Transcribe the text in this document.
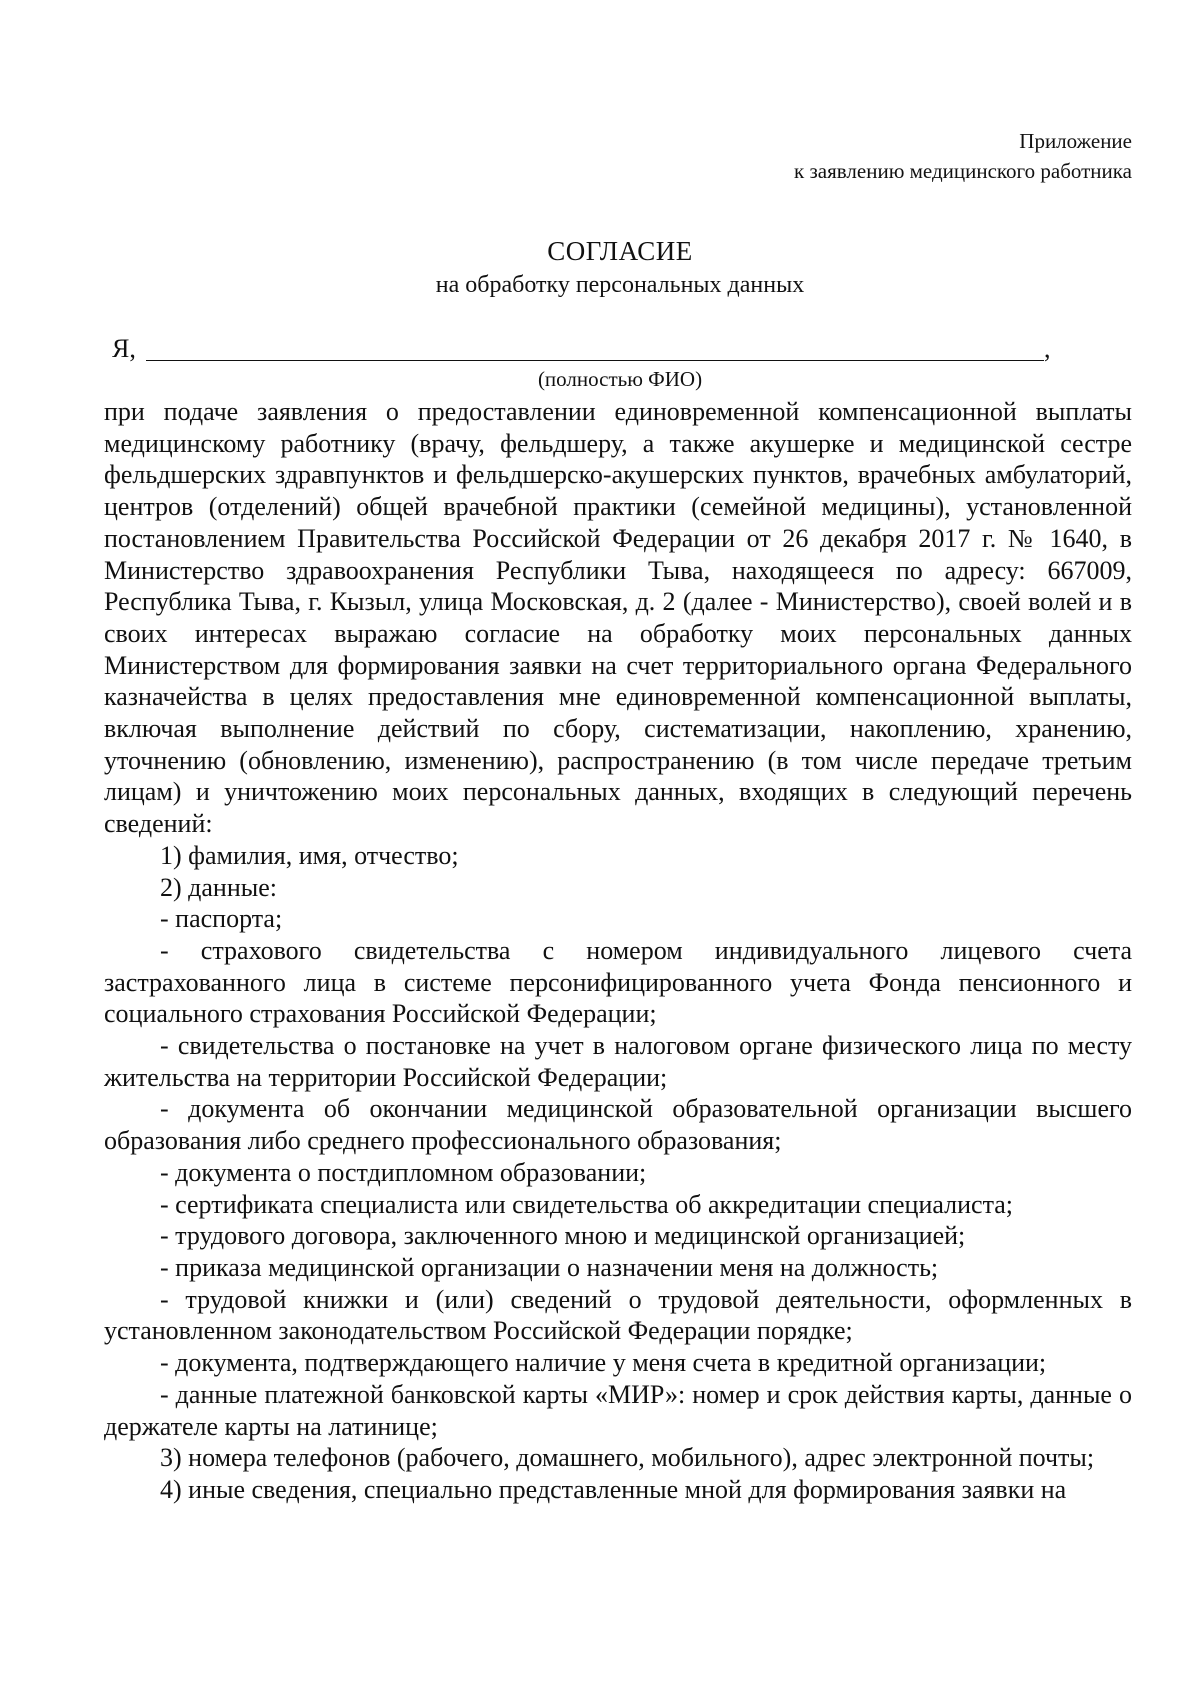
Приложение
к заявлению медицинского работника
СОГЛАСИЕ
на обработку персональных данных
Я,	,
(полностью ФИО)

при подаче заявления о предоставлении единовременной компенсационной выплаты медицинскому работнику (врачу, фельдшеру, а также акушерке и медицинской сестре фельдшерских здравпунктов и фельдшерско-акушерских пунктов, врачебных амбулаторий, центров (отделений) общей врачебной практики (семейной медицины), установленной постановлением Правительства Российской Федерации от 26 декабря 2017 г. № 1640, в Министерство здравоохранения Республики Тыва, находящееся по адресу: 667009, Республика Тыва, г. Кызыл, улица Московская, д. 2 (далее - Министерство), своей волей и в своих интересах выражаю согласие на обработку моих персональных данных Министерством для формирования заявки на счет территориального органа Федерального казначейства в целях предоставления мне единовременной компенсационной выплаты, включая выполнение действий по сбору, систематизации, накоплению, хранению, уточнению (обновлению, изменению), распространению (в том числе передаче третьим лицам) и уничтожению моих персональных данных, входящих в следующий перечень сведений:

1) фамилия, имя, отчество;

2) данные:

- паспорта;

- страхового свидетельства с номером индивидуального лицевого счета застрахованного лица в системе персонифицированного учета Фонда пенсионного и социального страхования Российской Федерации;

- свидетельства о постановке на учет в налоговом органе физического лица по месту жительства на территории Российской Федерации;

- документа об окончании медицинской образовательной организации высшего образования либо среднего профессионального образования;

- документа о постдипломном образовании;

- сертификата специалиста или свидетельства об аккредитации специалиста;

- трудового договора, заключенного мною и медицинской организацией;

- приказа медицинской организации о назначении меня на должность;

- трудовой книжки и (или) сведений о трудовой деятельности, оформленных в установленном законодательством Российской Федерации порядке;

- документа, подтверждающего наличие у меня счета в кредитной организации;

- данные платежной банковской карты «МИР»: номер и срок действия карты, данные о держателе карты на латинице;

3) номера телефонов (рабочего, домашнего, мобильного), адрес электронной почты;

4) иные сведения, специально представленные мной для формирования заявки на
